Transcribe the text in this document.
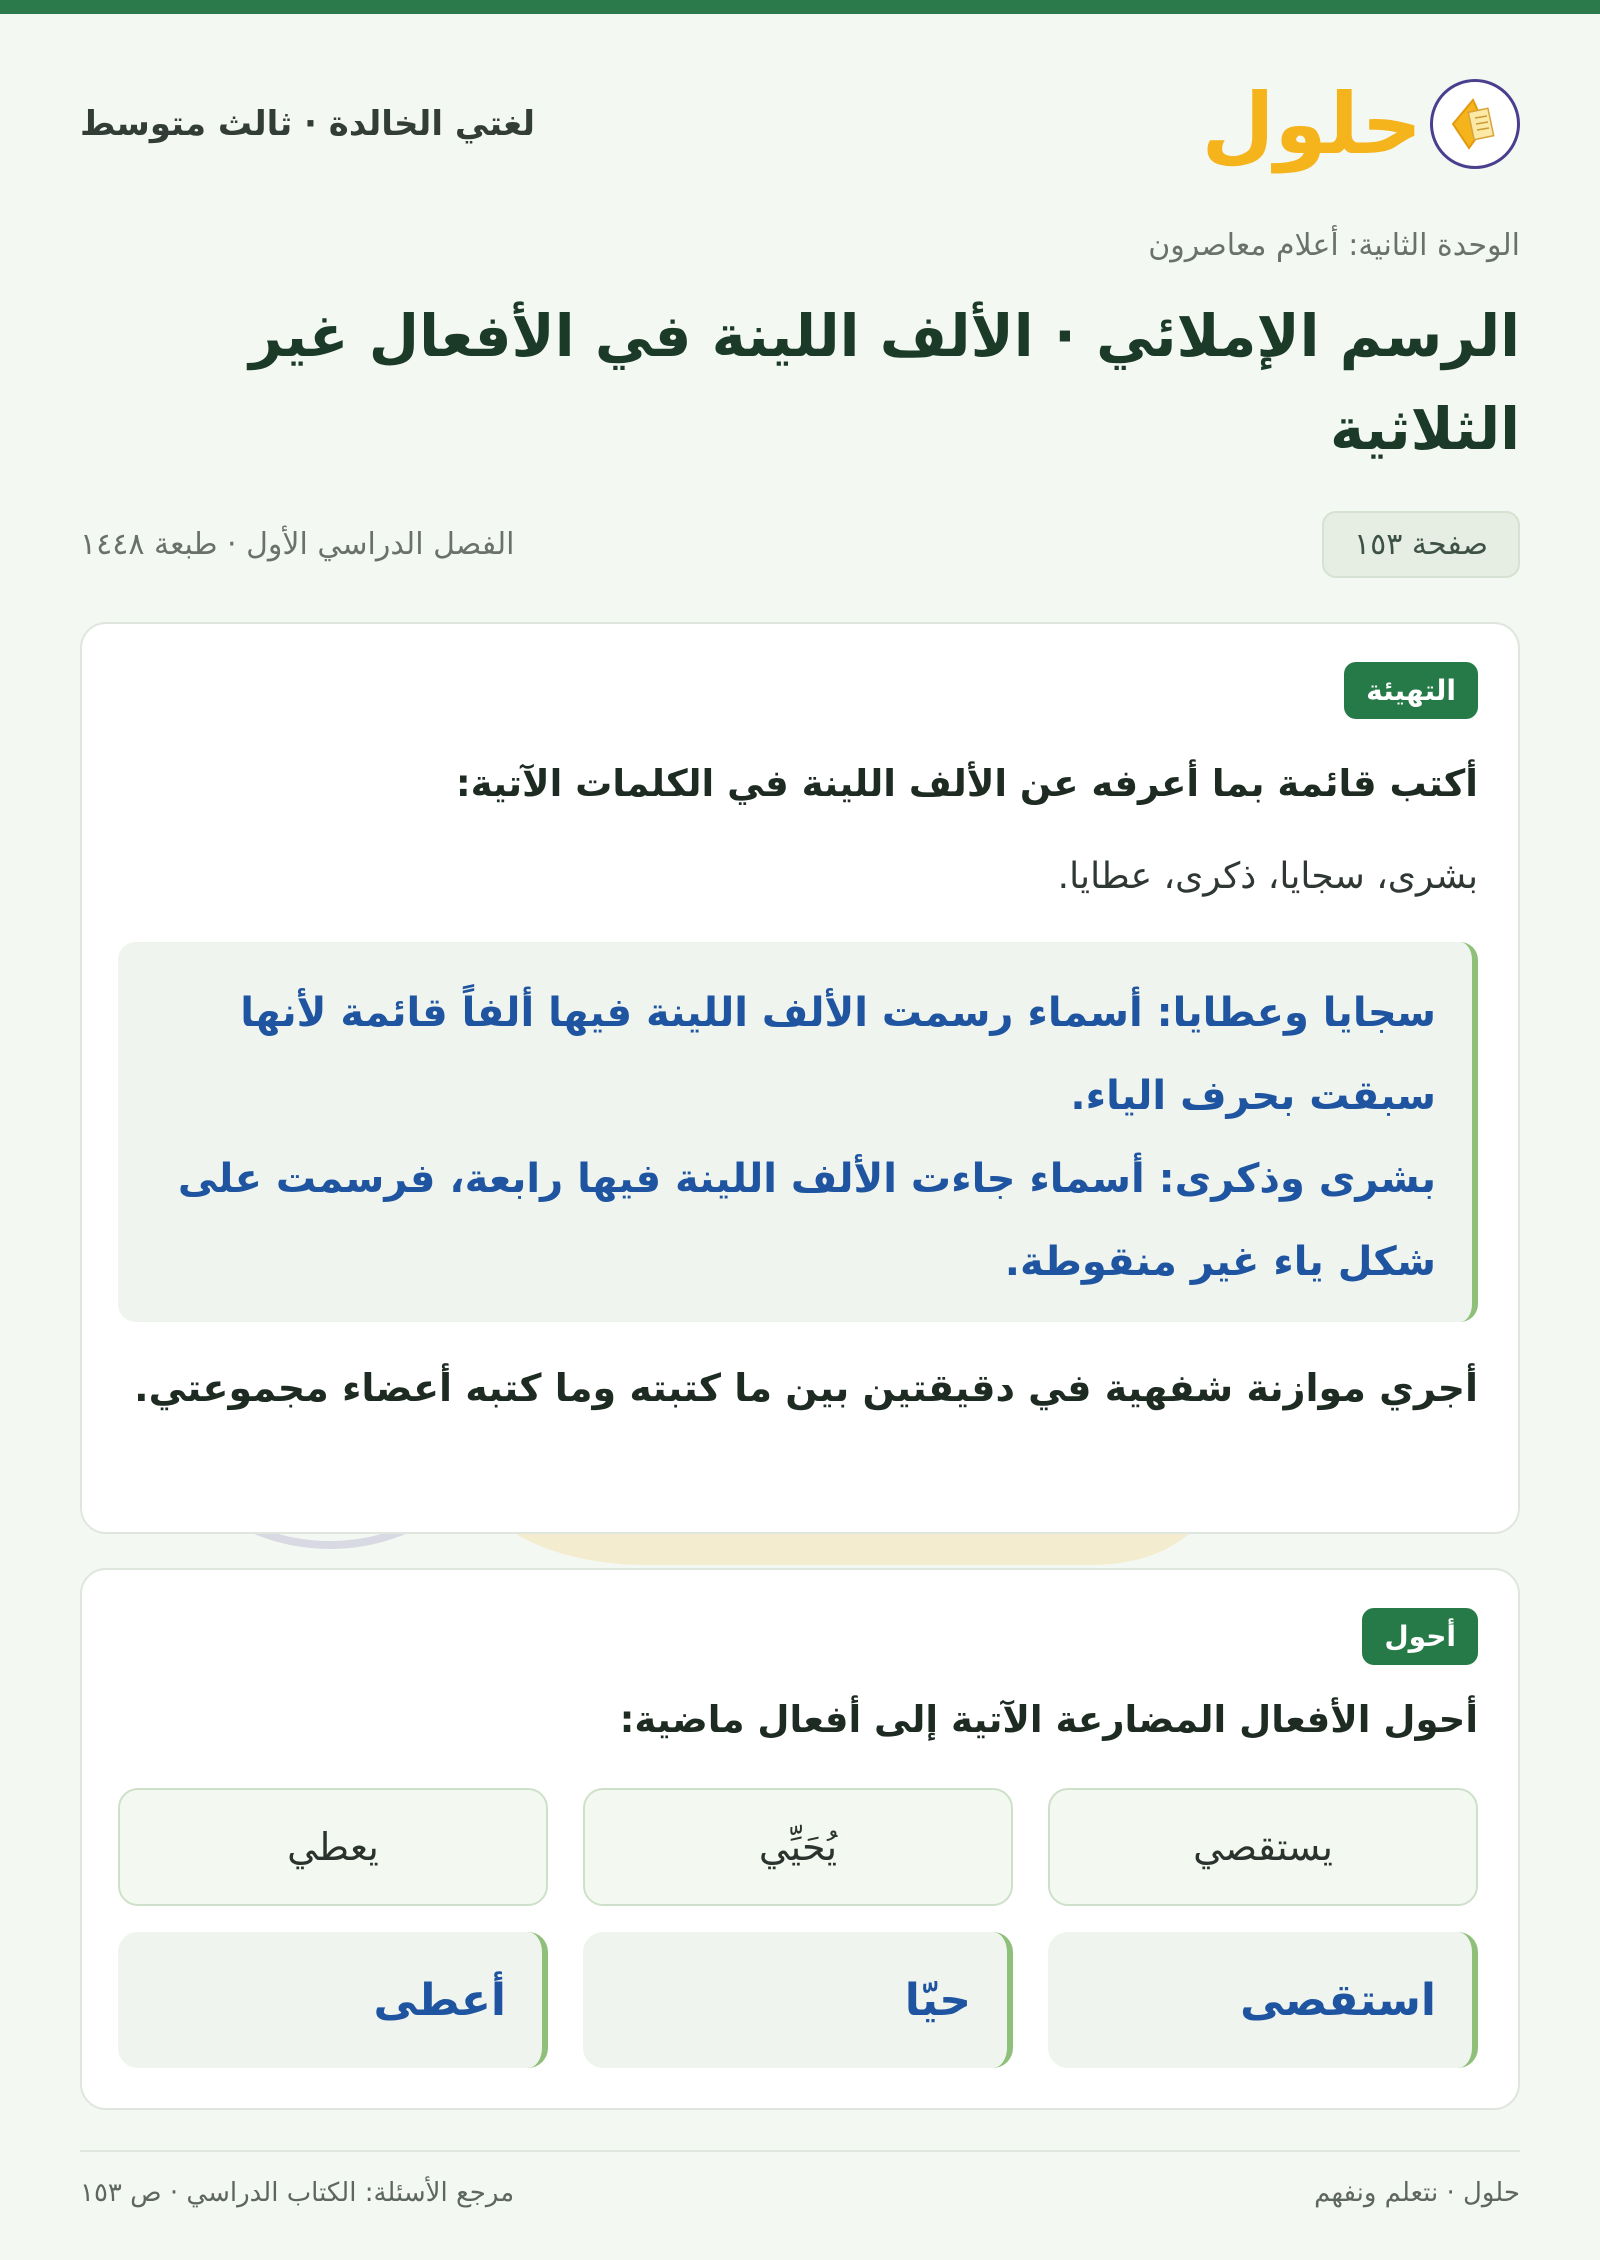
حلول
لغتي الخالدة · ثالث متوسط
الوحدة الثانية: أعلام معاصرون
الرسم الإملائي · الألف اللينة في الأفعال غير الثلاثية
صفحة ١٥٣
الفصل الدراسي الأول · طبعة ١٤٤٨
التهيئة
أكتب قائمة بما أعرفه عن الألف اللينة في الكلمات الآتية:
بشرى، سجايا، ذكرى، عطايا.
سجايا وعطايا: أسماء رسمت الألف اللينة فيها ألفاً قائمة لأنها
سبقت بحرف الياء.
بشرى وذكرى: أسماء جاءت الألف اللينة فيها رابعة، فرسمت على
شكل ياء غير منقوطة.
أجري موازنة شفهية في دقيقتين بين ما كتبته وما كتبه أعضاء مجموعتي.
أحول
أحول الأفعال المضارعة الآتية إلى أفعال ماضية:
يستقصي
يُحَيِّي
يعطي
استقصى
حيّا
أعطى
حلول · نتعلم ونفهم
مرجع الأسئلة: الكتاب الدراسي · ص ١٥٣
